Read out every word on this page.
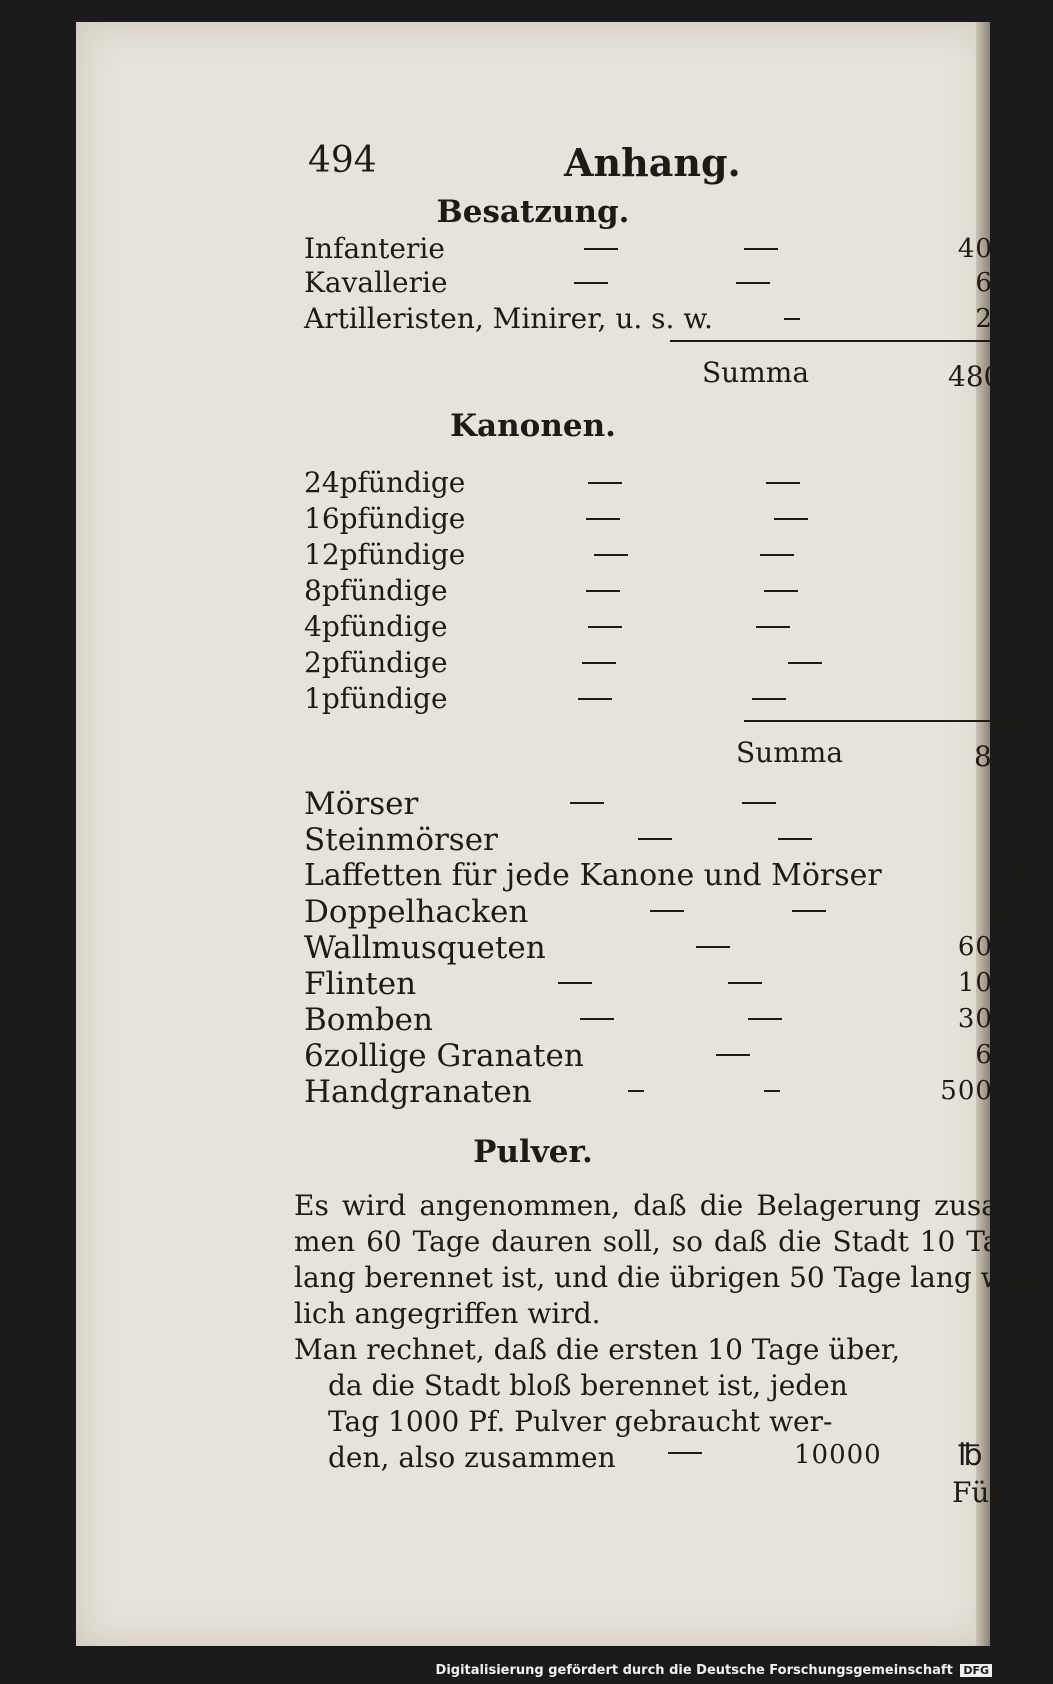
494	Anhang.
Besatzung.
Infanterie	4000
Kavallerie	600
Artilleristen, Minirer, u. s. w.	200
Summa	4800
Kanonen.
24pfündige	10
16pfündige	10
12pfündige	10
8pfündige	16
4pfündige	20
2pfündige	8
1pfündige	6
Summa	80
Mörser	12
Steinmörser	8
Laffetten für jede Kanone und Mörser	2
Doppelhacken	60
Wallmusqueten	6000
Flinten	1000
Bomben	3000
6zollige Granaten	600
Handgranaten	50000
Pulver.
Es wird angenommen, daß die Belagerung zusam-
men 60 Tage dauren soll, so daß die Stadt 10 Tage
lang berennet ist, und die übrigen 50 Tage lang wirk-
lich angegriffen wird.
Man rechnet, daß die ersten 10 Tage über,
da die Stadt bloß berennet ist, jeden
Tag 1000 Pf. Pulver gebraucht wer-
den, also zusammen	10000	℔
Für
Digitalisierung gefördert durch die Deutsche Forschungsgemeinschaft DFG
